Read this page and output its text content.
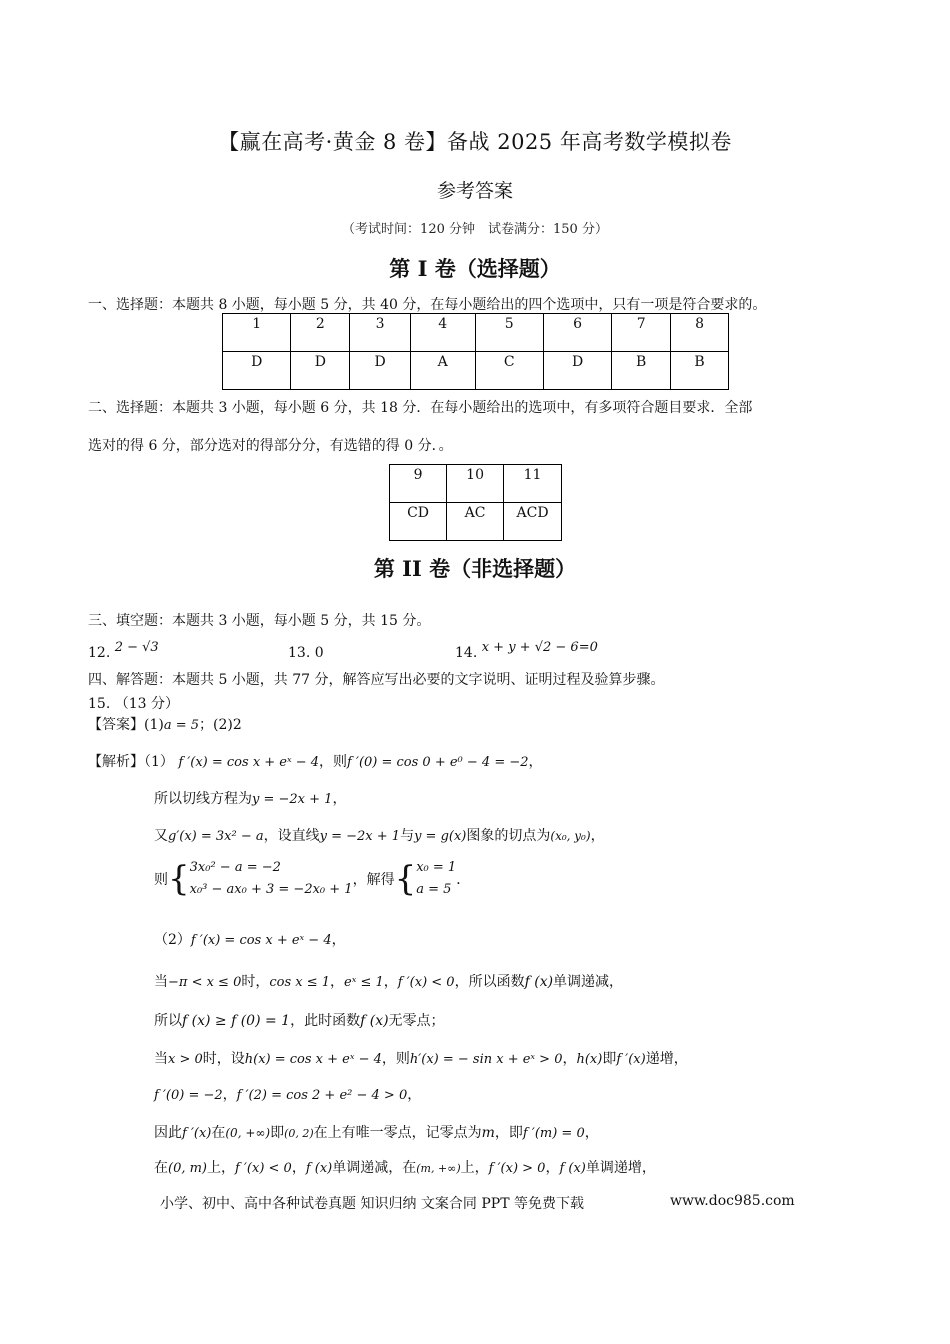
【赢在高考·黄金 8 卷】备战 2025 年高考数学模拟卷
参考答案
（考试时间：120 分钟　试卷满分：150 分）
第 I 卷（选择题）
一、选择题：本题共 8 小题，每小题 5 分，共 40 分，在每小题给出的四个选项中，只有一项是符合要求的。
1	2	3	4	5	6	7	8
D	D	D	A	C	D	B	B
二、选择题：本题共 3 小题，每小题 6 分，共 18 分．在每小题给出的选项中，有多项符合题目要求．全部
选对的得 6 分，部分选对的得部分分，有选错的得 0 分．。
9	10	11
CD	AC	ACD
第 II 卷（非选择题）
三、填空题：本题共 3 小题，每小题 5 分，共 15 分。
12. 2 − √3	13. 0	14. x + y + √2 − 6=0
四、解答题：本题共 5 小题，共 77 分，解答应写出必要的文字说明、证明过程及验算步骤。
15. （13 分）
【答案】(1)a = 5；(2)2
【解析】（1） f ′(x) = cos x + eˣ − 4，则f ′(0) = cos 0 + e⁰ − 4 = −2，
所以切线方程为y = −2x + 1，
又g′(x) = 3x² − a，设直线y = −2x + 1与y = g(x)图象的切点为(x₀, y₀)，
则{3x₀² − a = −2
x₀³ − ax₀ + 3 = −2x₀ + 1，解得{x₀ = 1
a = 5．
（2）f ′(x) = cos x + eˣ − 4，
当−π < x ≤ 0时，cos x ≤ 1，eˣ ≤ 1，f ′(x) < 0，所以函数f (x)单调递减，
所以f (x) ≥ f (0) = 1，此时函数f (x)无零点；
当x > 0时，设h(x) = cos x + eˣ − 4，则h′(x) = − sin x + eˣ > 0，h(x)即f ′(x)递增，
f ′(0) = −2，f ′(2) = cos 2 + e² − 4 > 0，
因此f ′(x)在(0, +∞)即(0, 2)在上有唯一零点，记零点为m，即f ′(m) = 0，
在(0, m)上，f ′(x) < 0，f (x)单调递减，在(m, +∞)上，f ′(x) > 0，f (x)单调递增，
小学、初中、高中各种试卷真题 知识归纳 文案合同 PPT 等免费下载	www.doc985.com
